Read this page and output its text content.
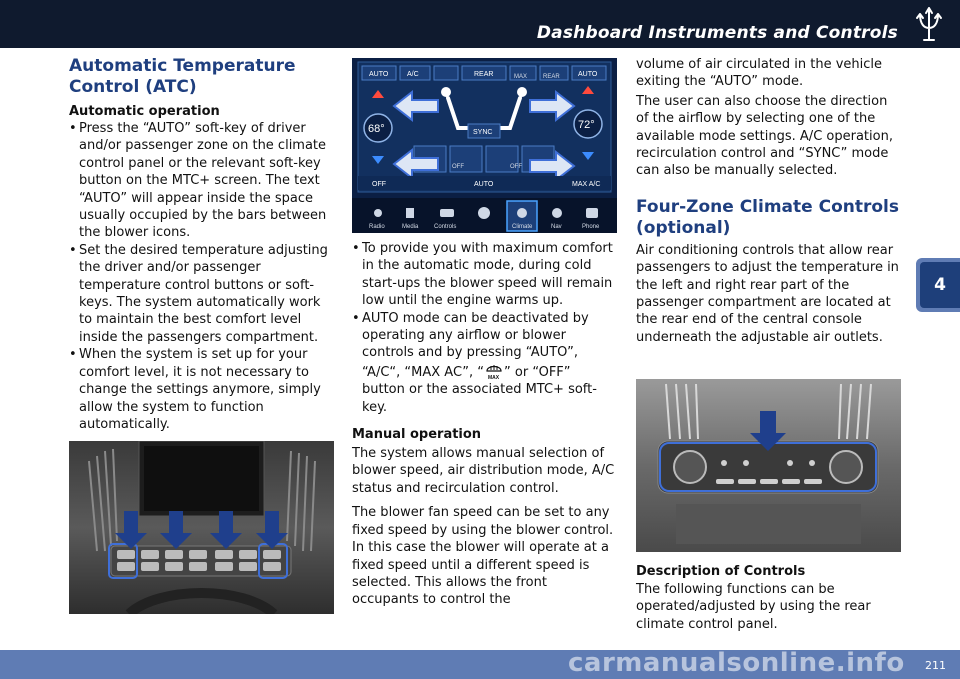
Dashboard Instruments and Controls
4
Automatic Temperature Control (ATC)
Automatic operation
• Press the “AUTO” soft-key of driver and/or passenger zone on the climate control panel or the relevant soft-key button on the MTC+ screen. The text “AUTO” will appear inside the space usually occupied by the bars between the blower icons.
• Set the desired temperature adjusting the driver and/or passenger temperature control buttons or soft-keys. The system automatically work to maintain the best comfort level inside the passengers compartment.
• When the system is set up for your comfort level, it is not necessary to change the settings anymore, simply allow the system to function automatically.
AUTO	A/C	REAR	MAX	REAR	AUTO
68°	72°
SYNC
OFF	OFF
OFF	AUTO	MAX A/C
Radio	Media	Controls	Climate	Nav	Phone
• To provide you with maximum comfort in the automatic mode, during cold start-ups the blower speed will remain low until the engine warms up.
• AUTO mode can be deactivated by operating any airflow or blower controls and by pressing “AUTO”, “A/C“, “MAX AC”, “ MAX ” or “OFF” button or the associated MTC+ soft-key.
Manual operation

The system allows manual selection of blower speed, air distribution mode, A/C status and recirculation control.

The blower fan speed can be set to any fixed speed by using the blower control. In this case the blower will operate at a fixed speed until a different speed is selected. This allows the front occupants to control the

volume of air circulated in the vehicle exiting the “AUTO” mode.

The user can also choose the direction of the airflow by selecting one of the available mode settings. A/C operation, recirculation control and “SYNC” mode can also be manually selected.

Four-Zone Climate Controls (optional)

Air conditioning controls that allow rear passengers to adjust the temperature in the left and right rear part of the passenger compartment are located at the rear end of the central console underneath the adjustable air outlets.

Description of Controls

The following functions can be operated/adjusted by using the rear climate control panel.

carmanualsonline.info 211
